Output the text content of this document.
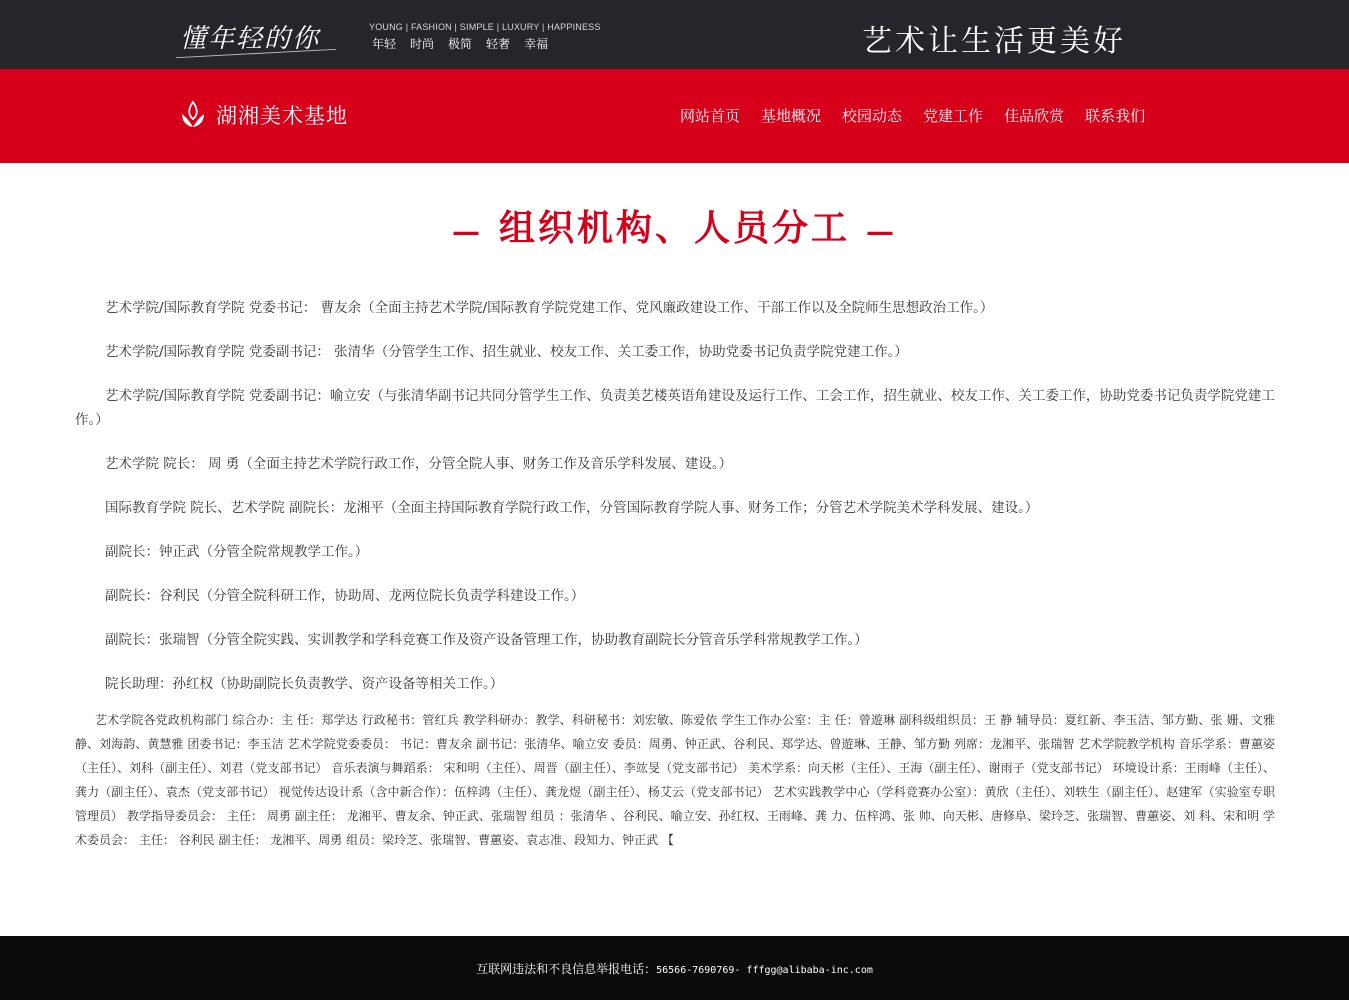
懂年轻的你	YOUNG | FASHION | SIMPLE | LUXURY | HAPPINESS
年轻 时尚 极简 轻奢 幸福	艺术让生活更美好
湖湘美术基地	网站首页 基地概况 校园动态 党建工作 佳品欣赏 联系我们
— 组织机构、人员分工 —

艺术学院/国际教育学院 党委书记： 曹友余（全面主持艺术学院/国际教育学院党建工作、党风廉政建设工作、干部工作以及全院师生思想政治工作。）

艺术学院/国际教育学院 党委副书记： 张清华（分管学生工作、招生就业、校友工作、关工委工作，协助党委书记负责学院党建工作。）

艺术学院/国际教育学院 党委副书记：喻立安（与张清华副书记共同分管学生工作、负责美艺楼英语角建设及运行工作、工会工作，招生就业、校友工作、关工委工作，协助党委书记负责学院党建工作。）

艺术学院 院长： 周 勇（全面主持艺术学院行政工作，分管全院人事、财务工作及音乐学科发展、建设。）

国际教育学院 院长、艺术学院 副院长：龙湘平（全面主持国际教育学院行政工作，分管国际教育学院人事、财务工作；分管艺术学院美术学科发展、建设。）

副院长：钟正武（分管全院常规教学工作。）

副院长：谷利民（分管全院科研工作，协助周、龙两位院长负责学科建设工作。）

副院长：张瑞智（分管全院实践、实训教学和学科竞赛工作及资产设备管理工作，协助教育副院长分管音乐学科常规教学工作。）

院长助理：孙红权（协助副院长负责教学、资产设备等相关工作。）

艺术学院各党政机构部门 综合办：主 任：郑学达 行政秘书：管红兵 教学科研办：教学、科研秘书：刘宏敏、陈爱依 学生工作办公室：主 任：曾遊琳 副科级组织员：王 静 辅导员：夏红新、李玉洁、邹方勤、张 姗、文雅静、刘海韵、黄慧雅 团委书记：李玉洁 艺术学院党委委员： 书记：曹友余 副书记：张清华、喻立安 委员：周勇、钟正武、谷利民、郑学达、曾遊琳、王静、邹方勤 列席：龙湘平、张瑞智 艺术学院教学机构 音乐学系：曹蕙姿（主任）、刘科（副主任）、刘君（党支部书记） 音乐表演与舞蹈系： 宋和明（主任）、周晋（副主任）、李竑旻（党支部书记） 美术学系：向天彬（主任）、王海（副主任）、谢雨子（党支部书记） 环境设计系：王雨峰（主任）、龚力（副主任）、袁杰（党支部书记） 视觉传达设计系（含中新合作）：伍梓鸿（主任）、龚龙煜（副主任）、杨艾云（党支部书记） 艺术实践教学中心（学科竞赛办公室）：黄欣（主任）、刘轶生（副主任）、赵建军（实验室专职管理员） 教学指导委员会： 主任： 周勇 副主任： 龙湘平、曹友余、钟正武、张瑞智 组员 ：张清华 、谷利民、喻立安、孙红权、王雨峰、龚 力、伍梓鸿、张 帅、向天彬、唐修阜、梁玲芝、张瑞智、曹蕙姿、刘 科、宋和明 学术委员会： 主任： 谷利民 副主任： 龙湘平、周勇 组员：梁玲芝、张瑞智、曹蕙姿、袁志准、段知力、钟正武 【

互联网违法和不良信息举报电话：56566-7690769- fffgg@alibaba-inc.com
